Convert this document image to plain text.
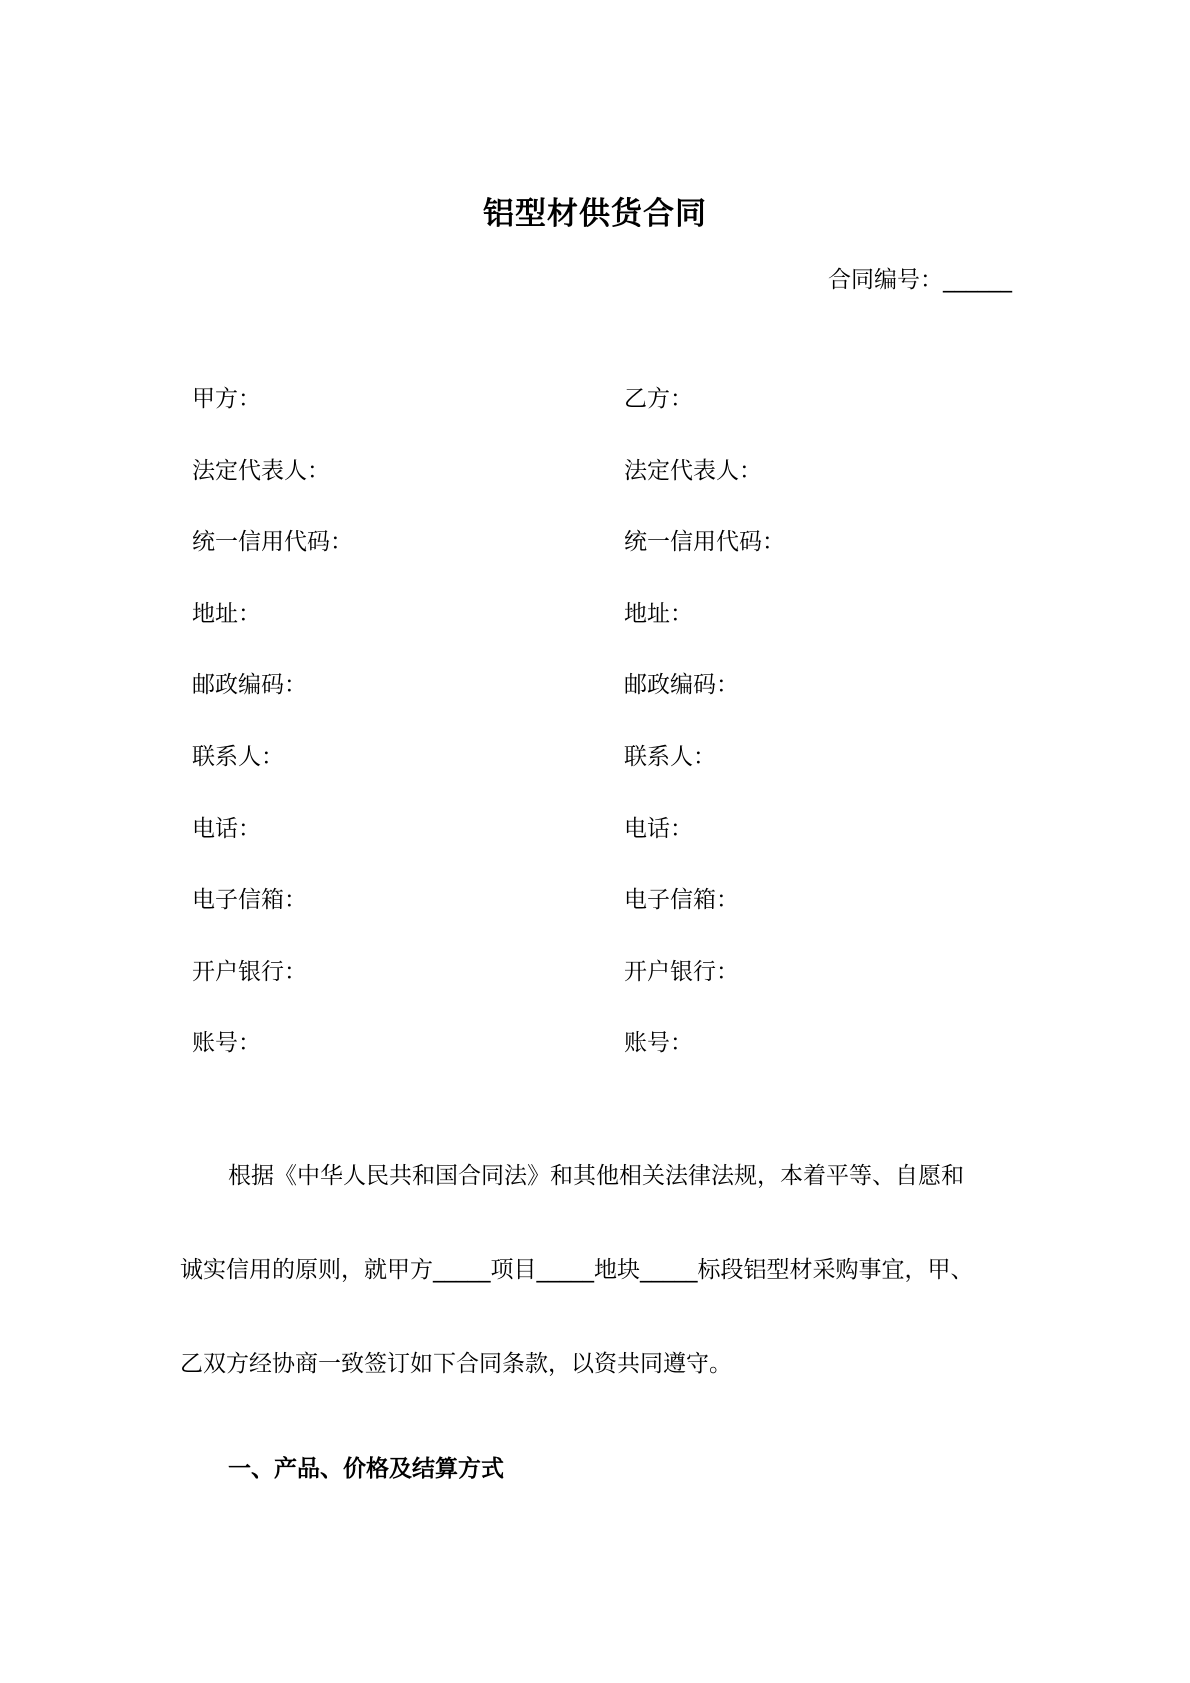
铝型材供货合同
合同编号：______
甲方：	乙方：
法定代表人：	法定代表人：
统一信用代码：	统一信用代码：
地址：	地址：
邮政编码：	邮政编码：
联系人：	联系人：
电话：	电话：
电子信箱：	电子信箱：
开户银行：	开户银行：
账号：	账号：
根据《中华人民共和国合同法》和其他相关法律法规，本着平等、自愿和
诚实信用的原则，就甲方_____项目_____地块_____标段铝型材采购事宜，甲、
乙双方经协商一致签订如下合同条款，以资共同遵守。
一、产品、价格及结算方式
